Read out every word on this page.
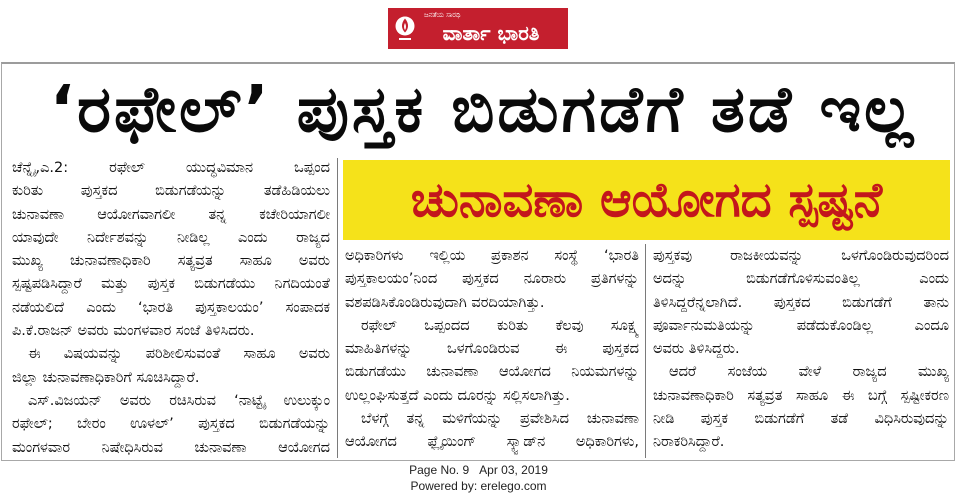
ಜನತೆಯ ಸಾರಥಿ
ವಾರ್ತಾ ಭಾರತಿ
‘ರಫೇಲ್’ ಪುಸ್ತಕ ಬಿಡುಗಡೆಗೆ ತಡೆ ಇಲ್ಲ
ಚುನಾವಣಾ ಆಯೋಗದ ಸ್ಪಷ್ಟನೆ
ಚೆನ್ನೈ,ಎ.2: ರಫೇಲ್ ಯುದ್ಧವಿಮಾನ ಒಪ್ಪಂದ
ಕುರಿತು ಪುಸ್ತಕದ ಬಿಡುಗಡೆಯನ್ನು ತಡೆಹಿಡಿಯಲು
ಚುನಾವಣಾ ಆಯೋಗವಾಗಲೀ ತನ್ನ ಕಚೇರಿಯಾಗಲೀ
ಯಾವುದೇ ನಿರ್ದೇಶವನ್ನು ನೀಡಿಲ್ಲ ಎಂದು ರಾಜ್ಯದ
ಮುಖ್ಯ ಚುನಾವಣಾಧಿಕಾರಿ ಸತ್ಯವ್ರತ ಸಾಹೂ ಅವರು
ಸ್ಪಷ್ಟಪಡಿಸಿದ್ದಾರೆ ಮತ್ತು ಪುಸ್ತಕ ಬಿಡುಗಡೆಯು ನಿಗದಿಯಂತೆ
ನಡೆಯಲಿದೆ ಎಂದು ‘ಭಾರತಿ ಪುಸ್ತಕಾಲಯಂ’ ಸಂಪಾದಕ
ಪಿ.ಕೆ.ರಾಜನ್ ಅವರು ಮಂಗಳವಾರ ಸಂಜೆ ತಿಳಿಸಿದರು.
ಈ ವಿಷಯವನ್ನು ಪರಿಶೀಲಿಸುವಂತೆ ಸಾಹೂ ಅವರು
ಜಿಲ್ಲಾ ಚುನಾವಣಾಧಿಕಾರಿಗೆ ಸೂಚಿಸಿದ್ದಾರೆ.
ಎಸ್.ವಿಜಯನ್ ಅವರು ರಚಿಸಿರುವ ‘ನಾಟ್ಟೈ ಉಲುಕ್ಕುಂ
ರಫೇಲ್; ಬೇರಂ ಊಳಲ್’ ಪುಸ್ತಕದ ಬಿಡುಗಡೆಯನ್ನು
ಮಂಗಳವಾರ ನಿಷೇಧಿಸಿರುವ ಚುನಾವಣಾ ಆಯೋಗದ
ಅಧಿಕಾರಿಗಳು ಇಲ್ಲಿಯ ಪ್ರಕಾಶನ ಸಂಸ್ಥೆ ‘ಭಾರತಿ
ಪುಸ್ತಕಾಲಯಂ’ನಿಂದ ಪುಸ್ತಕದ ನೂರಾರು ಪ್ರತಿಗಳನ್ನು
ವಶಪಡಿಸಿಕೊಂಡಿರುವುದಾಗಿ ವರದಿಯಾಗಿತ್ತು.
ರಫೇಲ್ ಒಪ್ಪಂದದ ಕುರಿತು ಕೆಲವು ಸೂಕ್ಷ್ಮ
ಮಾಹಿತಿಗಳನ್ನು ಒಳಗೊಂಡಿರುವ ಈ ಪುಸ್ತಕದ
ಬಿಡುಗಡೆಯು ಚುನಾವಣಾ ಆಯೋಗದ ನಿಯಮಗಳನ್ನು
ಉಲ್ಲಂಘಿಸುತ್ತದೆ ಎಂದು ದೂರನ್ನು ಸಲ್ಲಿಸಲಾಗಿತ್ತು.
ಬೆಳಗ್ಗೆ ತನ್ನ ಮಳಿಗೆಯನ್ನು ಪ್ರವೇಶಿಸಿದ ಚುನಾವಣಾ
ಆಯೋಗದ ಫ್ಲೈಯಿಂಗ್ ಸ್ಕ್ವಾಡ್‌ನ ಅಧಿಕಾರಿಗಳು,
ಪುಸ್ತಕವು ರಾಜಕೀಯವನ್ನು ಒಳಗೊಂಡಿರುವುದರಿಂದ
ಅದನ್ನು ಬಿಡುಗಡೆಗೊಳಿಸುವಂತಿಲ್ಲ ಎಂದು
ತಿಳಿಸಿದ್ದರೆನ್ನಲಾಗಿದೆ. ಪುಸ್ತಕದ ಬಿಡುಗಡೆಗೆ ತಾನು
ಪೂರ್ವಾನುಮತಿಯನ್ನು ಪಡೆದುಕೊಂಡಿಲ್ಲ ಎಂದೂ
ಅವರು ತಿಳಿಸಿದ್ದರು.
ಆದರೆ ಸಂಜೆಯ ವೇಳೆ ರಾಜ್ಯದ ಮುಖ್ಯ
ಚುನಾವಣಾಧಿಕಾರಿ ಸತ್ಯವ್ರತ ಸಾಹೂ ಈ ಬಗ್ಗೆ ಸ್ಪಷ್ಟೀಕರಣ
ನೀಡಿ ಪುಸ್ತಕ ಬಿಡುಗಡೆಗೆ ತಡೆ ವಿಧಿಸಿರುವುದನ್ನು
ನಿರಾಕರಿಸಿದ್ದಾರೆ.
Page No. 9 Apr 03, 2019
Powered by: erelego.com
